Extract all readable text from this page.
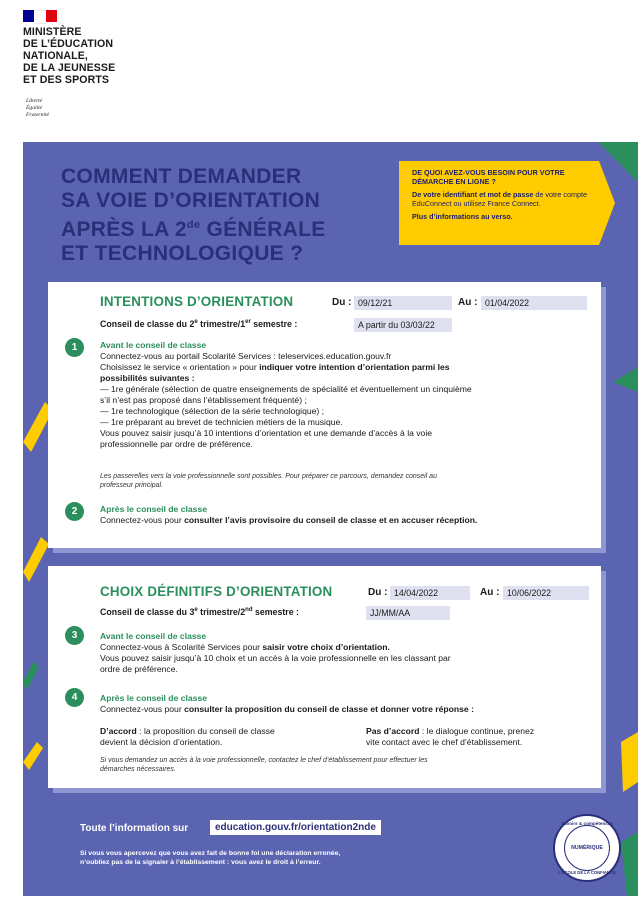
MINISTÈRE
DE L’ÉDUCATION
NATIONALE,
DE LA JEUNESSE
ET DES SPORTS
Liberté
Égalité
Fraternité
COMMENT DEMANDER
SA VOIE D’ORIENTATION
APRÈS LA 2de GÉNÉRALE
ET TECHNOLOGIQUE ?
DE QUOI AVEZ-VOUS BESOIN POUR VOTRE DÉMARCHE EN LIGNE ?
De votre identifiant et mot de passe de votre compte EduConnect ou utilisez France Connect.
Plus d’informations au verso.
INTENTIONS D’ORIENTATION	Du : 09/12/21	Au : 01/04/2022
Conseil de classe du 2e trimestre/1er semestre :	A partir du 03/03/22
1	Avant le conseil de classe
Connectez-vous au portail Scolarité Services : teleservices.education.gouv.fr
Choisissez le service « orientation » pour indiquer votre intention d’orientation parmi les
possibilités suivantes :
— 1re générale (sélection de quatre enseignements de spécialité et éventuellement un cinquième
s’il n’est pas proposé dans l’établissement fréquenté) ;
— 1re technologique (sélection de la série technologique) ;
— 1re préparant au brevet de technicien métiers de la musique.
Vous pouvez saisir jusqu’à 10 intentions d’orientation et une demande d’accès à la voie
professionnelle par ordre de préférence.
Les passerelles vers la voie professionnelle sont possibles. Pour préparer ce parcours, demandez conseil au
professeur principal.
2	Après le conseil de classe
Connectez-vous pour consulter l’avis provisoire du conseil de classe et en accuser réception.
CHOIX DÉFINITIFS D’ORIENTATION	Du : 14/04/2022	Au : 10/06/2022
Conseil de classe du 3e trimestre/2nd semestre :	JJ/MM/AA
3	Avant le conseil de classe
Connectez-vous à Scolarité Services pour saisir votre choix d’orientation.
Vous pouvez saisir jusqu’à 10 choix et un accès à la voie professionnelle en les classant par
ordre de préférence.
4	Après le conseil de classe
Connectez-vous pour consulter la proposition du conseil de classe et donner votre réponse :
D’accord : la proposition du conseil de classe
devient la décision d’orientation.
Pas d’accord : le dialogue continue, prenez
vite contact avec le chef d’établissement.
Si vous demandez un accès à la voie professionnelle, contactez le chef d’établissement pour effectuer les
démarches nécessaires.
Toute l’information sur	education.gouv.fr/orientation2nde
Si vous vous apercevez que vous avez fait de bonne foi une déclaration erronée,
n’oubliez pas de la signaler à l’établissement : vous avez le droit à l’erreur.
Savoirs & compétences
NUMÉRIQUE
L’ÉCOLE DE LA CONFIANCE
